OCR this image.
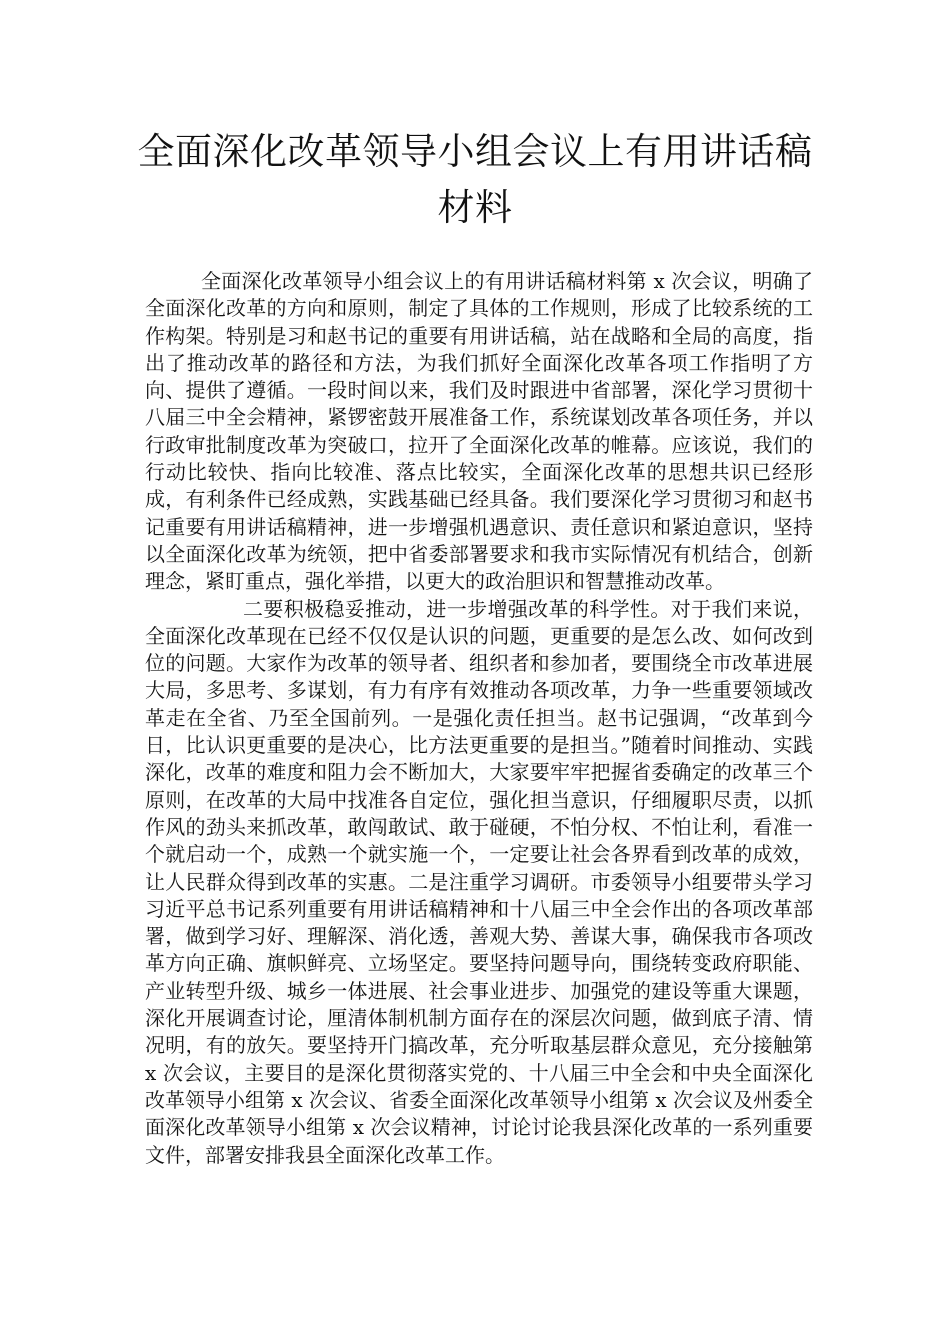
全面深化改革领导小组会议上有用讲话稿材料

全面深化改革领导小组会议上的有用讲话稿材料第 x 次会议，明确了全面深化改革的方向和原则，制定了具体的工作规则，形成了比较系统的工作构架。特别是习和赵书记的重要有用讲话稿，站在战略和全局的高度，指出了推动改革的路径和方法，为我们抓好全面深化改革各项工作指明了方向、提供了遵循。一段时间以来，我们及时跟进中省部署，深化学习贯彻十八届三中全会精神，紧锣密鼓开展准备工作，系统谋划改革各项任务，并以行政审批制度改革为突破口，拉开了全面深化改革的帷幕。应该说，我们的行动比较快、指向比较准、落点比较实，全面深化改革的思想共识已经形成，有利条件已经成熟，实践基础已经具备。我们要深化学习贯彻习和赵书记重要有用讲话稿精神，进一步增强机遇意识、责任意识和紧迫意识，坚持以全面深化改革为统领，把中省委部署要求和我市实际情况有机结合，创新理念，紧盯重点，强化举措，以更大的政治胆识和智慧推动改革。

二要积极稳妥推动，进一步增强改革的科学性。对于我们来说，全面深化改革现在已经不仅仅是认识的问题，更重要的是怎么改、如何改到位的问题。大家作为改革的领导者、组织者和参加者，要围绕全市改革进展大局，多思考、多谋划，有力有序有效推动各项改革，力争一些重要领域改革走在全省、乃至全国前列。一是强化责任担当。赵书记强调，“改革到今日，比认识更重要的是决心，比方法更重要的是担当。”随着时间推动、实践深化，改革的难度和阻力会不断加大，大家要牢牢把握省委确定的改革三个原则，在改革的大局中找准各自定位，强化担当意识，仔细履职尽责，以抓作风的劲头来抓改革，敢闯敢试、敢于碰硬，不怕分权、不怕让利，看准一个就启动一个，成熟一个就实施一个，一定要让社会各界看到改革的成效，让人民群众得到改革的实惠。二是注重学习调研。市委领导小组要带头学习习近平总书记系列重要有用讲话稿精神和十八届三中全会作出的各项改革部署，做到学习好、理解深、消化透，善观大势、善谋大事，确保我市各项改革方向正确、旗帜鲜亮、立场坚定。要坚持问题导向，围绕转变政府职能、产业转型升级、城乡一体进展、社会事业进步、加强党的建设等重大课题，深化开展调查讨论，厘清体制机制方面存在的深层次问题，做到底子清、情况明，有的放矢。要坚持开门搞改革，充分听取基层群众意见，充分接触第 x 次会议，主要目的是深化贯彻落实党的、十八届三中全会和中央全面深化改革领导小组第 x 次会议、省委全面深化改革领导小组第 x 次会议及州委全面深化改革领导小组第 x 次会议精神，讨论讨论我县深化改革的一系列重要文件，部署安排我县全面深化改革工作。
